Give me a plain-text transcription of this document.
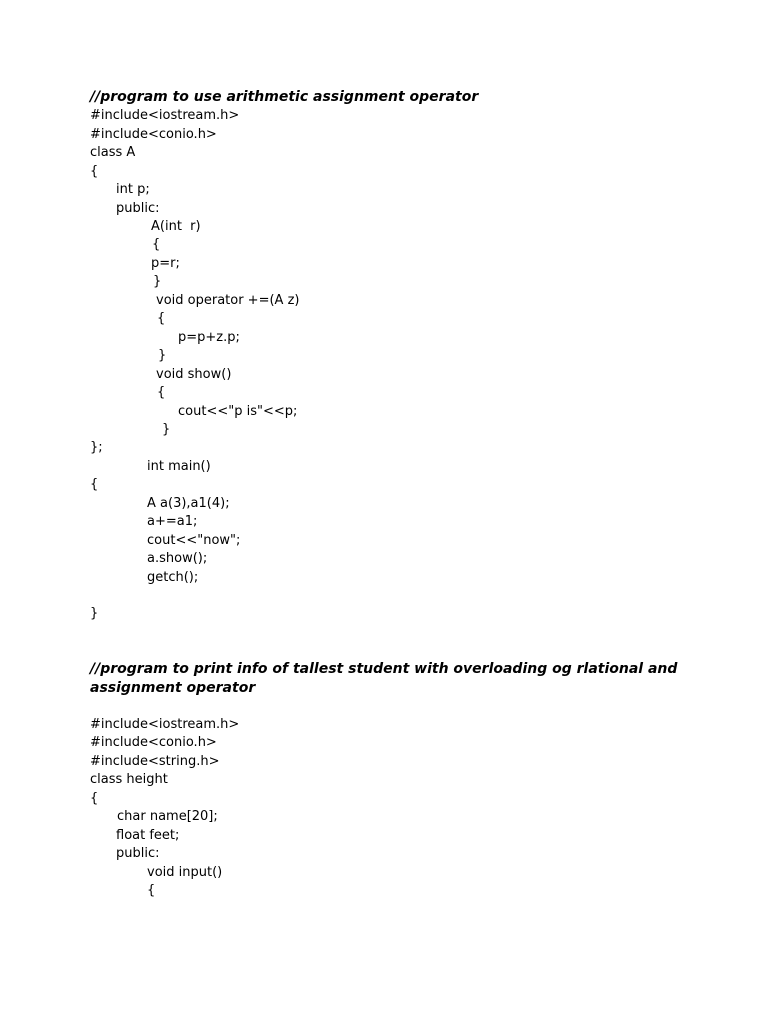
//program to use arithmetic assignment operator
#include<iostream.h>
#include<conio.h>
class A
{
int p;
public:
A(int  r)
{
p=r;
}
void operator +=(A z)
{
p=p+z.p;
}
void show()
{
cout<<"p is"<<p;
}
};
int main()
{
A a(3),a1(4);
a+=a1;
cout<<"now";
a.show();
getch();
}
//program to print info of tallest student with overloading og rlational and
assignment operator
#include<iostream.h>
#include<conio.h>
#include<string.h>
class height
{
char name[20];
float feet;
public:
void input()
{
